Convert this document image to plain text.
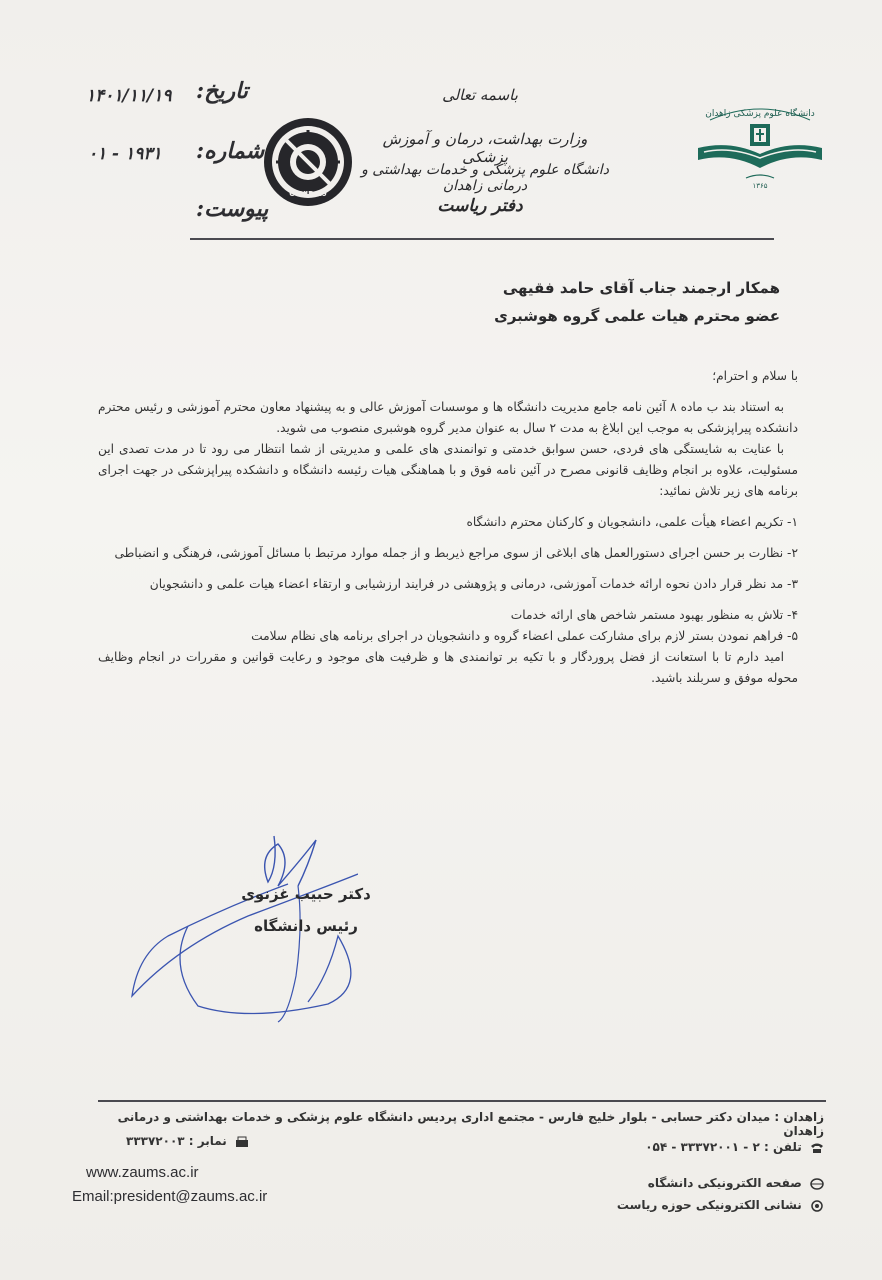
دانشگاه علوم پزشکی زاهدان
۱۳۶۵
COVID-19
باسمه تعالی
وزارت بهداشت، درمان و آموزش پزشکی
دانشگاه علوم پزشکی و خدمات بهداشتی و درمانی زاهدان
دفتر ریاست
تاریخ:
۱۴۰۱/۱۱/۱۹
شماره:
۰۱ - ۱۹۳۱
پیوست:
همکار ارجمند جناب آقای حامد فقیهی
عضو محترم هیات علمی گروه هوشبری

با سلام و احترام؛

به استناد بند ب ماده ۸ آئین نامه جامع مدیریت دانشگاه ها و موسسات آموزش عالی و به پیشنهاد معاون محترم آموزشی و رئیس محترم دانشکده پیراپزشکی به موجب این ابلاغ به مدت ۲ سال به عنوان مدیر گروه هوشبری منصوب می شوید.

با عنایت به شایستگی های فردی، حسن سوابق خدمتی و توانمندی های علمی و مدیریتی از شما انتظار می رود تا در مدت تصدی این مسئولیت، علاوه بر انجام وظایف قانونی مصرح در آئین نامه فوق و با هماهنگی هیات رئیسه دانشگاه و دانشکده پیراپزشکی در جهت اجرای برنامه های زیر تلاش نمائید:

۱- تکریم اعضاء هیأت علمی، دانشجویان و کارکنان محترم دانشگاه

۲- نظارت بر حسن اجرای دستورالعمل های ابلاغی از سوی مراجع ذیربط و از جمله موارد مرتبط با مسائل آموزشی، فرهنگی و انضباطی

۳- مد نظر قرار دادن نحوه ارائه خدمات آموزشی، درمانی و پژوهشی در فرایند ارزشیابی و ارتقاء اعضاء هیات علمی و دانشجویان

۴- تلاش به منظور بهبود مستمر شاخص های ارائه خدمات

۵- فراهم نمودن بستر لازم برای مشارکت عملی اعضاء گروه و دانشجویان در اجرای برنامه های نظام سلامت

امید دارم تا با استعانت از فضل پروردگار و با تکیه بر توانمندی ها و ظرفیت های موجود و رعایت قوانین و مقررات در انجام وظایف محوله موفق و سربلند باشید.

دکتر حبیب غزنوی
رئیس دانشگاه
زاهدان : میدان دکتر حسابی - بلوار خلیج فارس - مجتمع اداری پردیس دانشگاه علوم پزشکی و خدمات بهداشتی و درمانی زاهدان
تلفن : ۲ - ۳۳۳۷۲۰۰۱ - ۰۵۴
نمابر : ۳۳۳۷۲۰۰۳
صفحه الکترونیکی دانشگاه
نشانی الکترونیکی حوزه ریاست
www.zaums.ac.ir
Email:president@zaums.ac.ir
